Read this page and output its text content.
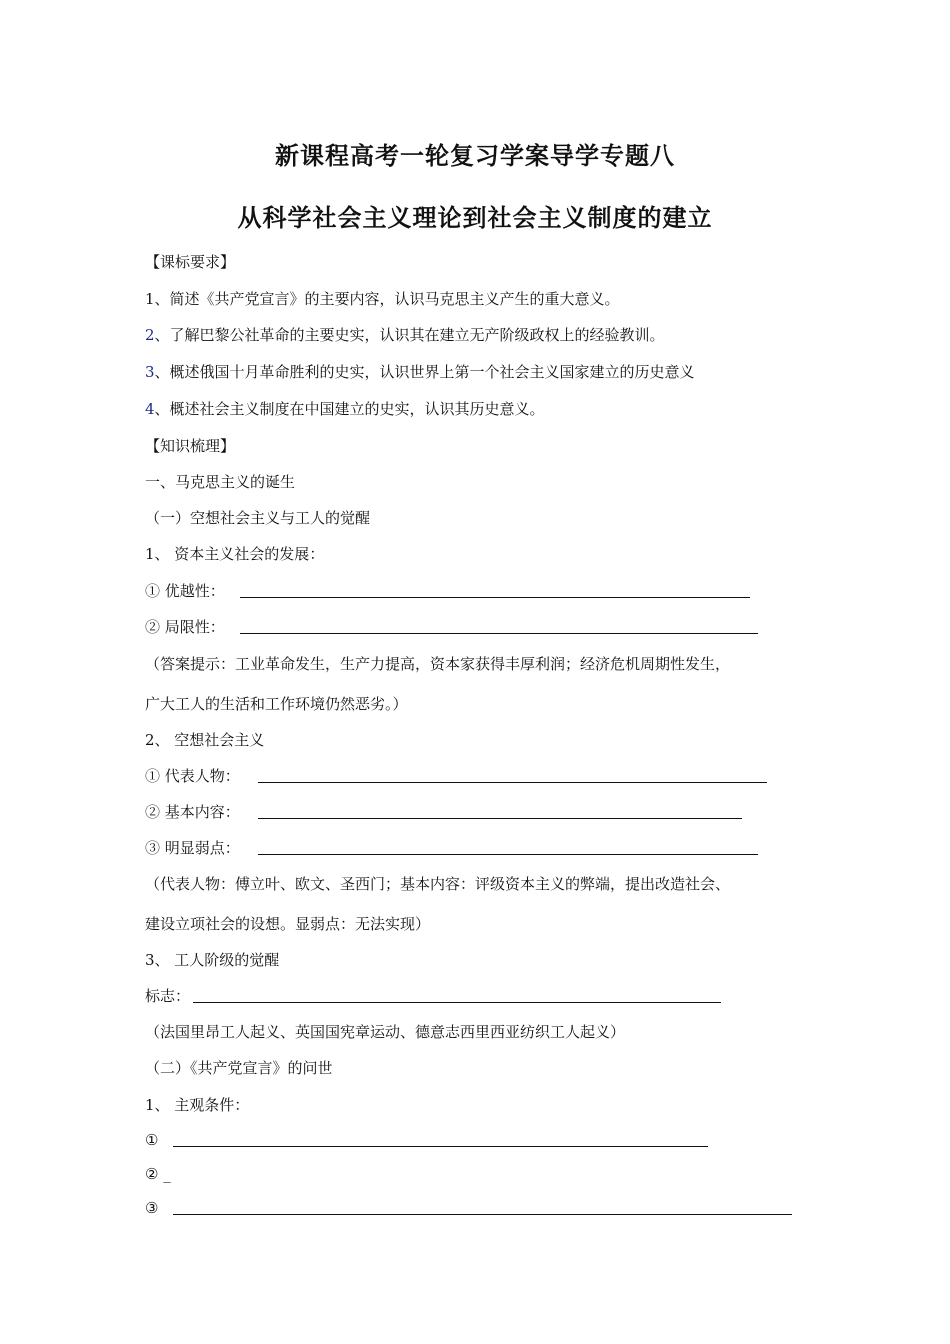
新课程高考一轮复习学案导学专题八
从科学社会主义理论到社会主义制度的建立
【课标要求】
1、简述《共产党宣言》的主要内容，认识马克思主义产生的重大意义。
2、了解巴黎公社革命的主要史实，认识其在建立无产阶级政权上的经验教训。
3、概述俄国十月革命胜利的史实，认识世界上第一个社会主义国家建立的历史意义
4、概述社会主义制度在中国建立的史实，认识其历史意义。
【知识梳理】
一、马克思主义的诞生
（一）空想社会主义与工人的觉醒
1、 资本主义社会的发展：
① 优越性：
② 局限性：
（答案提示：工业革命发生，生产力提高，资本家获得丰厚利润；经济危机周期性发生，
广大工人的生活和工作环境仍然恶劣。）
2、 空想社会主义
① 代表人物：
② 基本内容：
③ 明显弱点：
（代表人物：傅立叶、欧文、圣西门；基本内容：评级资本主义的弊端，提出改造社会、
建设立项社会的设想。显弱点：无法实现）
3、 工人阶级的觉醒
标志：
（法国里昂工人起义、英国国宪章运动、德意志西里西亚纺织工人起义）
（二）《共产党宣言》的问世
1、 主观条件：
①
② _
③
